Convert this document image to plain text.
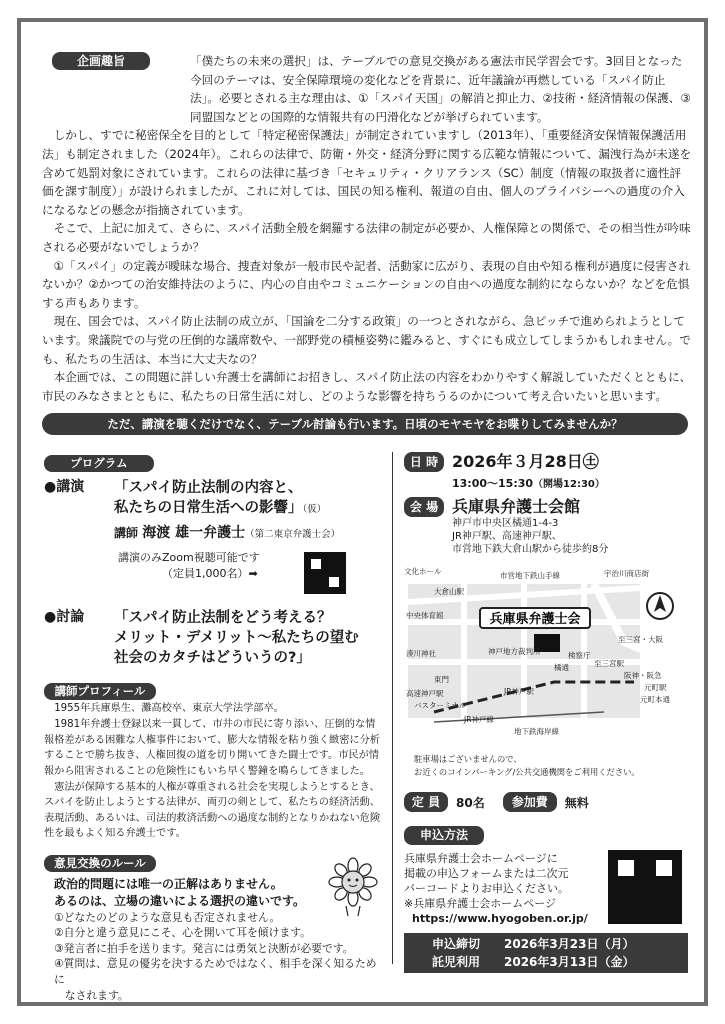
企画趣旨	「僕たちの未来の選択」は、テーブルでの意見交換がある憲法市民学習会です。3回目となった今回のテーマは、安全保障環境の変化などを背景に、近年議論が再燃している「スパイ防止法」。必要とされる主な理由は、①「スパイ天国」の解消と抑止力、②技術・経済情報の保護、③同盟国などとの国際的な情報共有の円滑化などが挙げられています。

しかし、すでに秘密保全を目的として「特定秘密保護法」が制定されていますし（2013年）、「重要経済安保情報保護活用法」も制定されました（2024年）。これらの法律で、防衛・外交・経済分野に関する広範な情報について、漏洩行為が未遂を含めて処罰対象にされています。これらの法律に基づき「セキュリティ・クリアランス（SC）制度（情報の取扱者に適性評価を課す制度）」が設けられましたが、これに対しては、国民の知る権利、報道の自由、個人のプライバシーへの過度の介入になるなどの懸念が指摘されています。

そこで、上記に加えて、さらに、スパイ活動全般を網羅する法律の制定が必要か、人権保障との関係で、その相当性が吟味される必要がないでしょうか？

①「スパイ」の定義が曖昧な場合、捜査対象が一般市民や記者、活動家に広がり、表現の自由や知る権利が過度に侵害されないか？②かつての治安維持法のように、内心の自由やコミュニケーションの自由への過度な制約にならないか？などを危惧する声もあります。

現在、国会では、スパイ防止法制の成立が、「国論を二分する政策」の一つとされながら、急ピッチで進められようとしています。衆議院での与党の圧倒的な議席数や、一部野党の積極姿勢に鑑みると、すぐにも成立してしまうかもしれません。でも、私たちの生活は、本当に大丈夫なの？

本企画では、この問題に詳しい弁護士を講師にお招きし、スパイ防止法の内容をわかりやすく解説していただくとともに、市民のみなさまとともに、私たちの日常生活に対し、どのような影響を持ちうるのかについて考え合いたいと思います。

ただ、講演を聴くだけでなく、テーブル討論も行います。日頃のモヤモヤをお喋りしてみませんか？
プログラム
●講演 「スパイ防止法制の内容と、
私たちの日常生活への影響」（仮）
講師 海渡 雄一弁護士（第二東京弁護士会）
講演のみZoom視聴可能です
（定員1,000名）➡
●討論 「スパイ防止法制をどう考える？
メリット・デメリット〜私たちの望む
社会のカタチはどういうの?」
講師プロフィール

1955年兵庫県生、灘高校卒、東京大学法学部卒。

1981年弁護士登録以来一貫して、市井の市民に寄り添い、圧倒的な情報格差がある困難な人権事件において、膨大な情報を粘り強く緻密に分析することで勝ち抜き、人権回復の道を切り開いてきた闘士です。市民が情報から阻害されることの危険性にもいち早く警鐘を鳴らしてきました。

憲法が保障する基本的人権が尊重される社会を実現しようとするとき、スパイを防止しようとする法律が、両刃の剣として、私たちの経済活動、表現活動、あるいは、司法的救済活動への過度な制約となりかねない危険性を最もよく知る弁護士です。

意見交換のルール
政治的問題には唯一の正解はありません。
あるのは、立場の違いによる選択の違いです。
①どなたのどのような意見も否定されません。
②自分と違う意見にこそ、心を開いて耳を傾けます。
③発言者に拍手を送ります。発言には勇気と決断が必要です。
④質問は、意見の優劣を決するためではなく、相手を深く知るために
　なされます。
日 時 2026年３月28日㊏
13:00〜15:30（開場12:30）
会 場 兵庫県弁護士会館
神戸市中央区橘通1-4-3
JR神戸駅、高速神戸駅、
市営地下鉄大倉山駅から徒歩約8分
兵庫県弁護士会
文化ホール	市営地下鉄山手線
大倉山駅
中央体育館
湊川神社	神戸地方裁判所	検察庁
東門
高速神戸駅
バスターミナル
JR神戸線
JR神戸駅
阪神・阪急
元町駅
元町本通
地下鉄海岸線
至三宮・大阪
至三宮駅
宇治川商店街
橘通
駐車場はございませんので、
お近くのコインパーキング/公共交通機関をご利用ください。
定 員	80名	参加費	無料
申込方法
兵庫県弁護士会ホームページに
掲載の申込フォームまたは二次元
バーコードよりお申込ください。
※兵庫県弁護士会ホームページ
https://www.hyogoben.or.jp/
申込締切 2026年3月23日（月）
託児利用 2026年3月13日（金）
